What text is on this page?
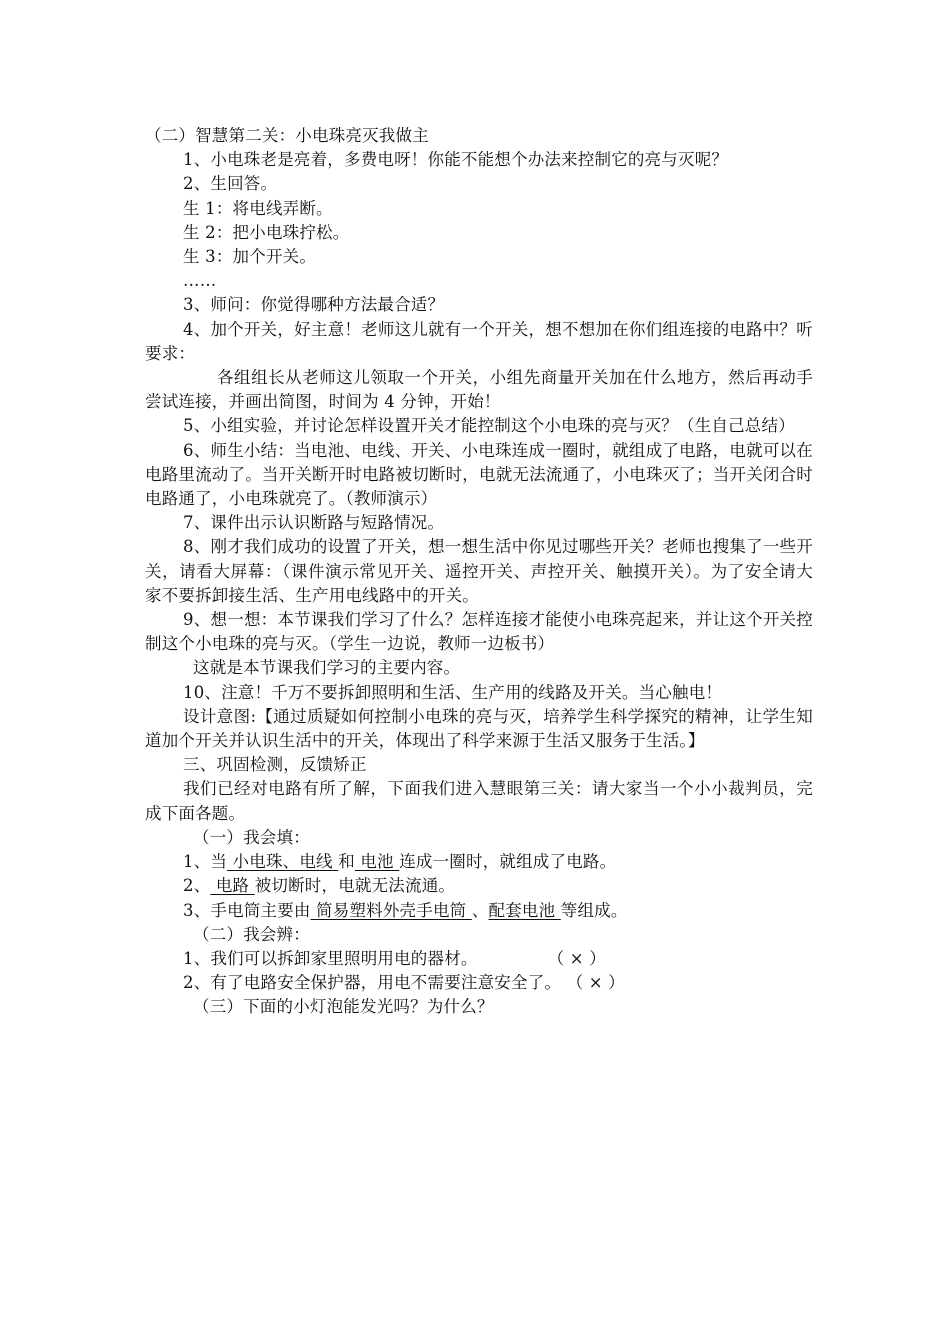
（二）智慧第二关：小电珠亮灭我做主

1、小电珠老是亮着，多费电呀！你能不能想个办法来控制它的亮与灭呢？

2、生回答。

生 1：将电线弄断。

生 2：把小电珠拧松。

生 3：加个开关。

……

3、师问：你觉得哪种方法最合适？

4、加个开关，好主意！老师这儿就有一个开关，想不想加在你们组连接的电路中？听要求：

各组组长从老师这儿领取一个开关，小组先商量开关加在什么地方，然后再动手尝试连接，并画出简图，时间为 4 分钟，开始！

5、小组实验，并讨论怎样设置开关才能控制这个小电珠的亮与灭？（生自己总结）

6、师生小结：当电池、电线、开关、小电珠连成一圈时，就组成了电路，电就可以在电路里流动了。当开关断开时电路被切断时，电就无法流通了，小电珠灭了；当开关闭合时电路通了，小电珠就亮了。（教师演示）

7、课件出示认识断路与短路情况。

8、刚才我们成功的设置了开关，想一想生活中你见过哪些开关？老师也搜集了一些开关，请看大屏幕：（课件演示常见开关、遥控开关、声控开关、触摸开关）。为了安全请大家不要拆卸接生活、生产用电线路中的开关。

9、想一想：本节课我们学习了什么？怎样连接才能使小电珠亮起来，并让这个开关控制这个小电珠的亮与灭。（学生一边说，教师一边板书）

这就是本节课我们学习的主要内容。

10、注意！千万不要拆卸照明和生活、生产用的线路及开关。当心触电！

设计意图:【通过质疑如何控制小电珠的亮与灭，培养学生科学探究的精神，让学生知道加个开关并认识生活中的开关，体现出了科学来源于生活又服务于生活。】

三、巩固检测，反馈矫正

我们已经对电路有所了解，下面我们进入慧眼第三关：请大家当一个小小裁判员，完成下面各题。

（一）我会填：

1、当 小电珠、电线 和 电池 连成一圈时，就组成了电路。

2、 电路 被切断时，电就无法流通。

3、手电筒主要由 简易塑料外壳手电筒 、配套电池 等组成。

（二）我会辨：

1、我们可以拆卸家里照明用电的器材。	（ × ）

2、有了电路安全保护器，用电不需要注意安全了。 （ × ）

（三）下面的小灯泡能发光吗？为什么？
